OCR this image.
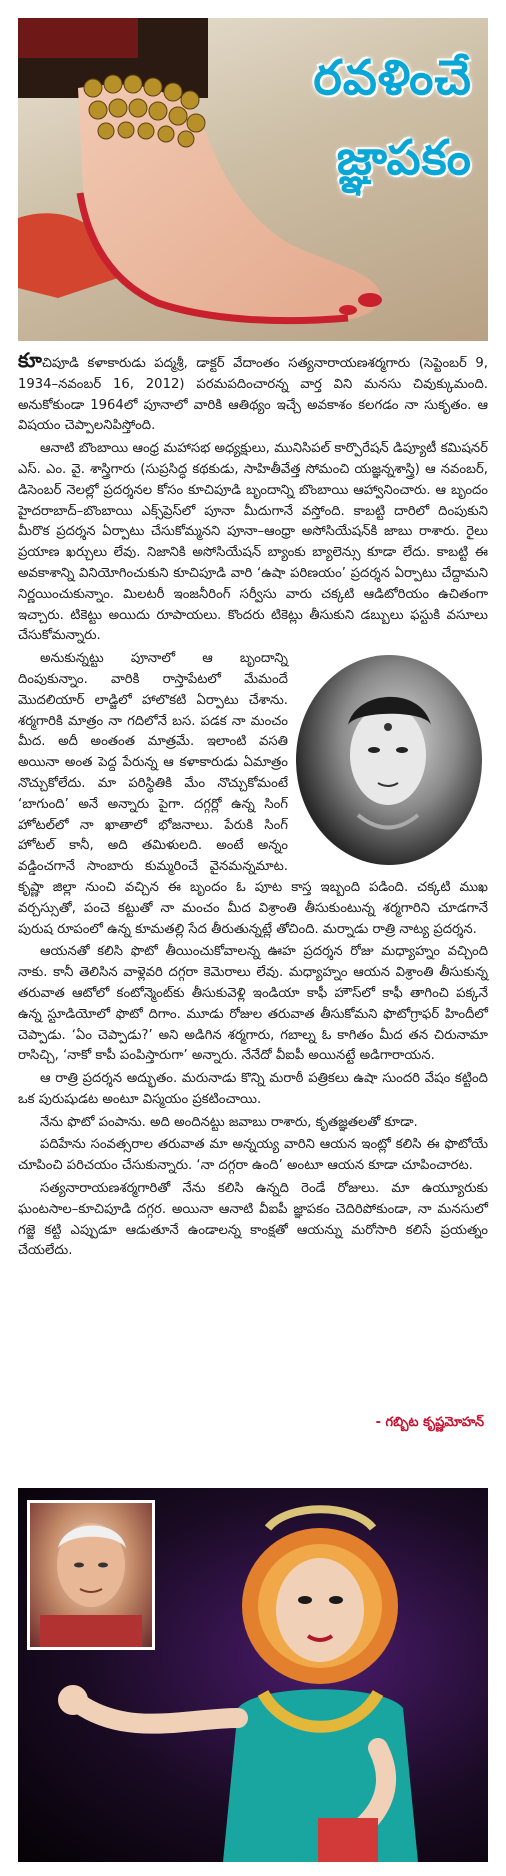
రవళించే
జ్ఞాపకం

కూచిపూడి కళాకారుడు పద్మశ్రీ, డాక్టర్ వేదాంతం సత్యనారాయణశర్మగారు (సెప్టెంబర్ 9, 1934–నవంబర్ 16, 2012) పరమపదించారన్న వార్త విని మనసు చివుక్కుమంది. అనుకోకుండా 1964లో పూనాలో వారికి ఆతిథ్యం ఇచ్చే అవకాశం కలగడం నా సుకృతం. ఆ విషయం చెప్పాలనిపిస్తోంది.

ఆనాటి బొంబాయి ఆంధ్ర మహాసభ అధ్యక్షులు, మునిసిపల్ కార్పొరేషన్ డిప్యూటీ కమిషనర్ ఎస్. ఎం. వై. శాస్త్రిగారు (సుప్రసిద్ధ కథకుడు, సాహితీవేత్త సోమంచి యజ్ఞన్నశాస్త్రి) ఆ నవంబర్, డిసెంబర్ నెలల్లో ప్రదర్శనల కోసం కూచిపూడి బృందాన్ని బొంబాయి ఆహ్వానించారు. ఆ బృందం హైదరాబాద్–బొంబాయి ఎక్స్‌ప్రెస్‌లో పూనా మీదుగానే వస్తోంది. కాబట్టి దారిలో దింపుకుని మీరొక ప్రదర్శన ఏర్పాటు చేసుకోమ్మనని పూనా–ఆంధ్రా అసోసియేషన్‌కి జాబు రాశారు. రైలు ప్రయాణ ఖర్చులు లేవు. నిజానికి అసోసియేషన్ బ్యాంకు బ్యాలెన్సు కూడా లేదు. కాబట్టి ఈ అవకాశాన్ని వినియోగించుకుని కూచిపూడి వారి ‘ఉషా పరిణయం’ ప్రదర్శన ఏర్పాటు చేద్దామని నిర్ణయించుకున్నాం. మిలటరీ ఇంజనీరింగ్ సర్వీసు వారు చక్కటి ఆడిటోరియం ఉచితంగా ఇచ్చారు. టికెట్టు అయిదు రూపాయలు. కొందరు టికెట్లు తీసుకుని డబ్బులు ఫస్టుకి వసూలు చేసుకోమన్నారు.

అనుకున్నట్టు పూనాలో ఆ బృందాన్ని దింపుకున్నాం. వారికి రాస్తాపేటలో మేమందే మొదలియార్ లాడ్జిలో హాలొకటి ఏర్పాటు చేశాను. శర్మగారికి మాత్రం నా గదిలోనే బస. పడక నా మంచం మీద. అదీ అంతంత మాత్రమే. ఇలాంటి వసతి అయినా అంత పెద్ద పేరున్న ఆ కళాకారుడు ఏమాత్రం నొచ్చుకోలేదు. మా పరిస్థితికి మేం నొచ్చుకోమంటే ‘బాగుంది’ అనే అన్నారు పైగా. దగ్గర్లో ఉన్న సింగ్ హోటల్‌లో నా ఖాతాలో భోజనాలు. పేరుకి సింగ్ హోటల్ కానీ, అది తమిళులది. అంటే అన్నం వడ్డించగానే సాంబారు కుమ్మరించే వైనమన్నమాట. కృష్ణా జిల్లా నుంచి వచ్చిన ఈ బృందం ఓ పూట కాస్త ఇబ్బంది పడింది. చక్కటి ముఖ వర్చస్సుతో, పంచె కట్టుతో నా మంచం మీద విశ్రాంతి తీసుకుంటున్న శర్మగారిని చూడగానే పురుష రూపంలో ఉన్న కూమతల్లి సేద తీరుతున్నట్లే తోచింది. మర్నాడు రాత్రి నాట్య ప్రదర్శన.

ఆయనతో కలిసి ఫొటో తీయించుకోవాలన్న ఊహ ప్రదర్శన రోజు మధ్యాహ్నం వచ్చింది నాకు. కానీ తెలిసిన వాళ్లెవరి దగ్గరా కెమెరాలు లేవు. మధ్యాహ్నం ఆయన విశ్రాంతి తీసుకున్న తరువాత ఆటోలో కంటోన్మెంట్‌కు తీసుకువెళ్లి ఇండియా కాఫీ హౌస్‌లో కాఫీ తాగించి పక్కనే ఉన్న స్టూడియోలో ఫొటో దిగాం. మూడు రోజుల తరువాత తీసుకోమని ఫొటోగ్రాఫర్ హిందీలో చెప్పాడు. ‘ఏం చెప్పాడు?’ అని అడిగిన శర్మగారు, గబాల్న ఓ కాగితం మీద తన చిరునామా రాసిచ్చి, ‘నాకో కాపీ పంపిస్తారుగా’ అన్నారు. నేనేదో వీఐపీ అయినట్టే అడిగారాయన.

ఆ రాత్రి ప్రదర్శన అద్భుతం. మరునాడు కొన్ని మరాఠీ పత్రికలు ఉషా సుందరి వేషం కట్టింది ఒక పురుషుడట అంటూ విస్మయం ప్రకటించాయి.

నేను ఫొటో పంపాను. అది అందినట్టు జవాబు రాశారు, కృతజ్ఞతలతో కూడా.

పదిహేను సంవత్సరాల తరువాత మా అన్నయ్య వారిని ఆయన ఇంట్లో కలిసి ఈ ఫొటోయే చూపించి పరిచయం చేసుకున్నారు. ‘నా దగ్గరా ఉంది’ అంటూ ఆయన కూడా చూపించారట.

సత్యనారాయణశర్మగారితో నేను కలిసి ఉన్నది రెండే రోజులు. మా ఉయ్యూరుకు ఘంటసాల–కూచిపూడి దగ్గర. అయినా ఆనాటి వీఐపీ జ్ఞాపకం చెదిరిపోకుండా, నా మనసులో గజ్జె కట్టి ఎప్పుడూ ఆడుతూనే ఉండాలన్న కాంక్షతో ఆయన్ను మరోసారి కలిసే ప్రయత్నం చేయలేదు.

- గబ్బిట కృష్ణమోహన్
